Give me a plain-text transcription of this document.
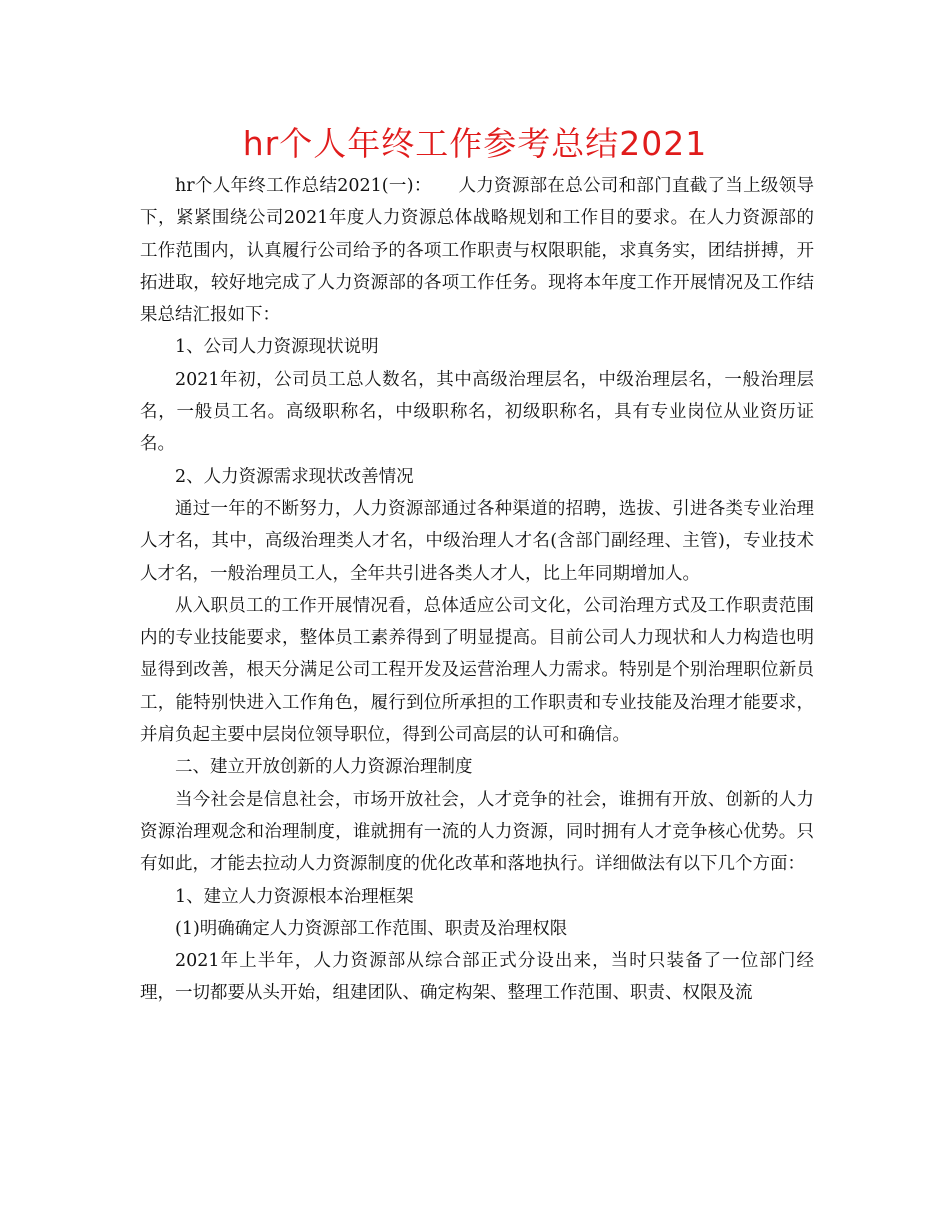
hr个人年终工作参考总结2021

hr个人年终工作总结2021(一)：　　人力资源部在总公司和部门直截了当上级领导下，紧紧围绕公司2021年度人力资源总体战略规划和工作目的要求。在人力资源部的工作范围内，认真履行公司给予的各项工作职责与权限职能，求真务实，团结拼搏，开拓进取，较好地完成了人力资源部的各项工作任务。现将本年度工作开展情况及工作结果总结汇报如下：

1、公司人力资源现状说明

2021年初，公司员工总人数名，其中高级治理层名，中级治理层名，一般治理层名，一般员工名。高级职称名，中级职称名，初级职称名，具有专业岗位从业资历证名。

2、人力资源需求现状改善情况

通过一年的不断努力，人力资源部通过各种渠道的招聘，选拔、引进各类专业治理人才名，其中，高级治理类人才名，中级治理人才名(含部门副经理、主管)，专业技术人才名，一般治理员工人，全年共引进各类人才人，比上年同期增加人。

从入职员工的工作开展情况看，总体适应公司文化，公司治理方式及工作职责范围内的专业技能要求，整体员工素养得到了明显提高。目前公司人力现状和人力构造也明显得到改善，根天分满足公司工程开发及运营治理人力需求。特别是个别治理职位新员工，能特别快进入工作角色，履行到位所承担的工作职责和专业技能及治理才能要求，并肩负起主要中层岗位领导职位，得到公司高层的认可和确信。

二、建立开放创新的人力资源治理制度

当今社会是信息社会，市场开放社会，人才竞争的社会，谁拥有开放、创新的人力资源治理观念和治理制度，谁就拥有一流的人力资源，同时拥有人才竞争核心优势。只有如此，才能去拉动人力资源制度的优化改革和落地执行。详细做法有以下几个方面：

1、建立人力资源根本治理框架

(1)明确确定人力资源部工作范围、职责及治理权限

2021年上半年，人力资源部从综合部正式分设出来，当时只装备了一位部门经理，一切都要从头开始，组建团队、确定构架、整理工作范围、职责、权限及流
